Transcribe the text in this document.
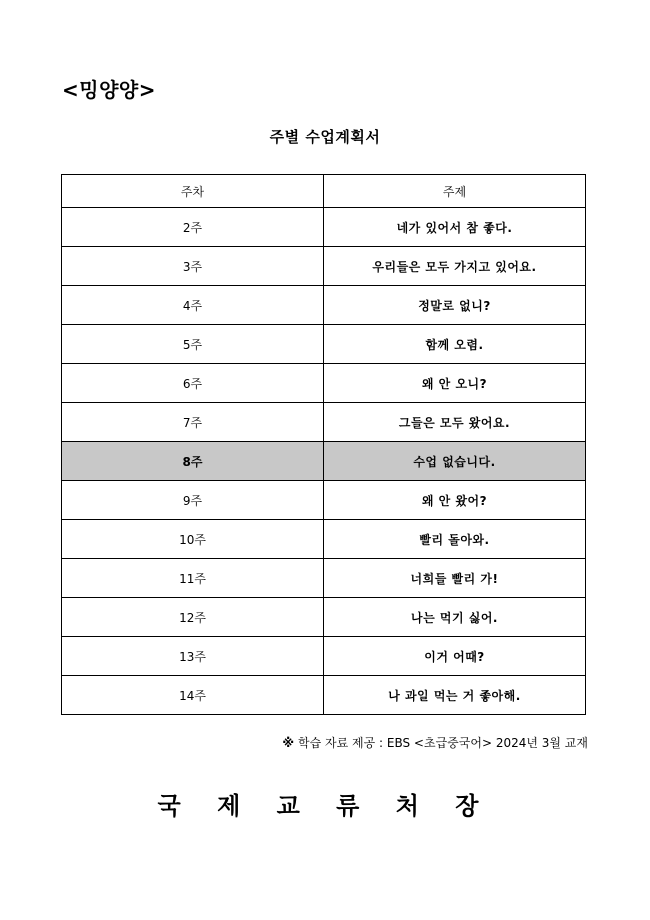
<밍양양>
주별 수업계획서
주차	주제
2주	네가 있어서 참 좋다.
3주	우리들은 모두 가지고 있어요.
4주	정말로 없니?
5주	함께 오렴.
6주	왜 안 오니?
7주	그들은 모두 왔어요.
8주	수업 없습니다.
9주	왜 안 왔어?
10주	빨리 돌아와.
11주	너희들 빨리 가!
12주	나는 먹기 싫어.
13주	이거 어때?
14주	나 과일 먹는 거 좋아해.

※ 학습 자료 제공 : EBS <초급중국어> 2024년 3월 교재

국 제 교 류 처 장
